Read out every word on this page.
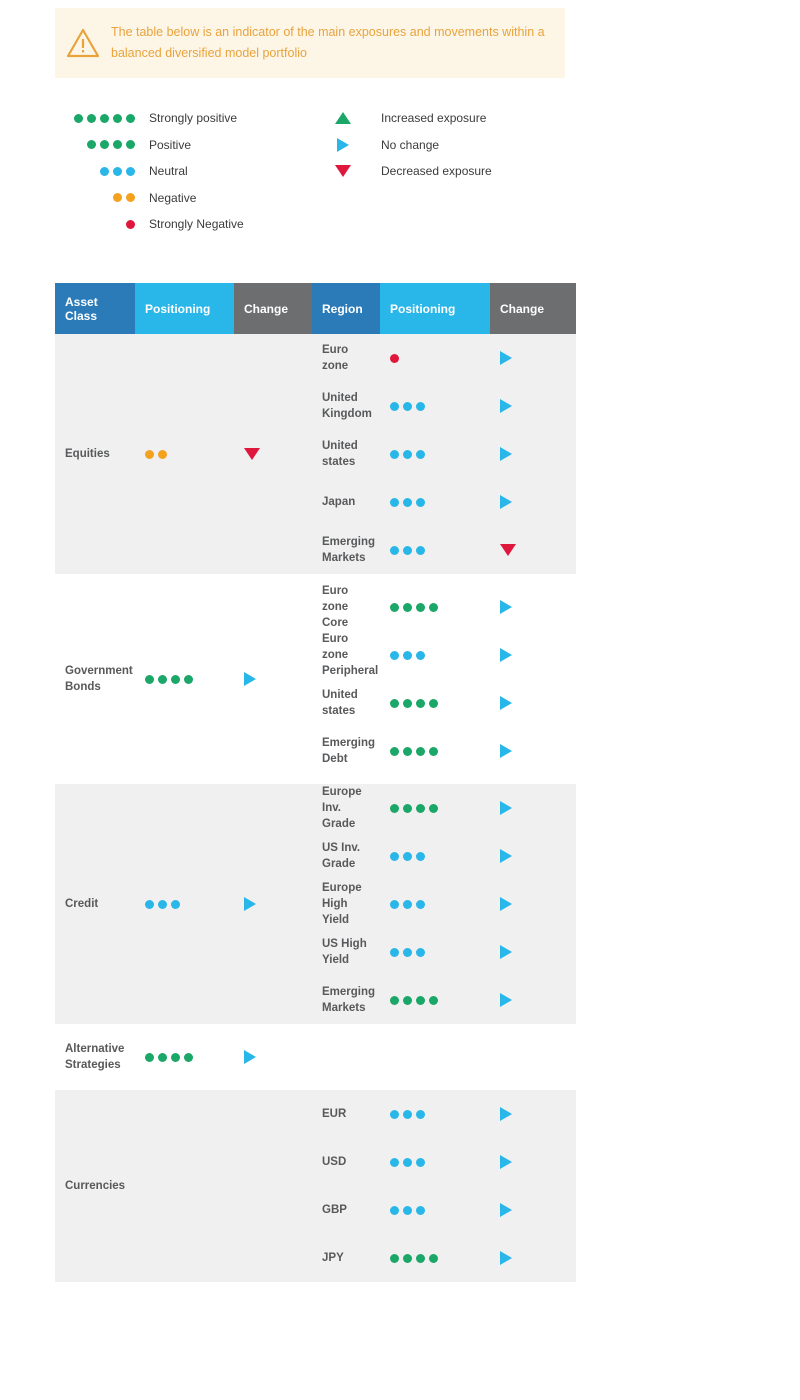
The table below is an indicator of the main exposures and movements within a balanced diversified model portfolio
Strongly positive
Positive
Neutral
Negative
Strongly Negative
Increased exposure
No change
Decreased exposure
Asset Class	Positioning	Change	Region	Positioning	Change
Equities			Euro zone	

			United Kingdom	

			United states	

			Japan	

			Emerging Markets	

Government Bonds			Euro zone Core	

			Euro zone Peripheral	

			United states	

			Emerging Debt	

Credit			Europe Inv. Grade	

			US Inv. Grade	

			Europe High Yield	

			US High Yield	

			Emerging Markets	

Alternative Strategies	

Currencies			EUR	

			USD	

			GBP	

			JPY	
